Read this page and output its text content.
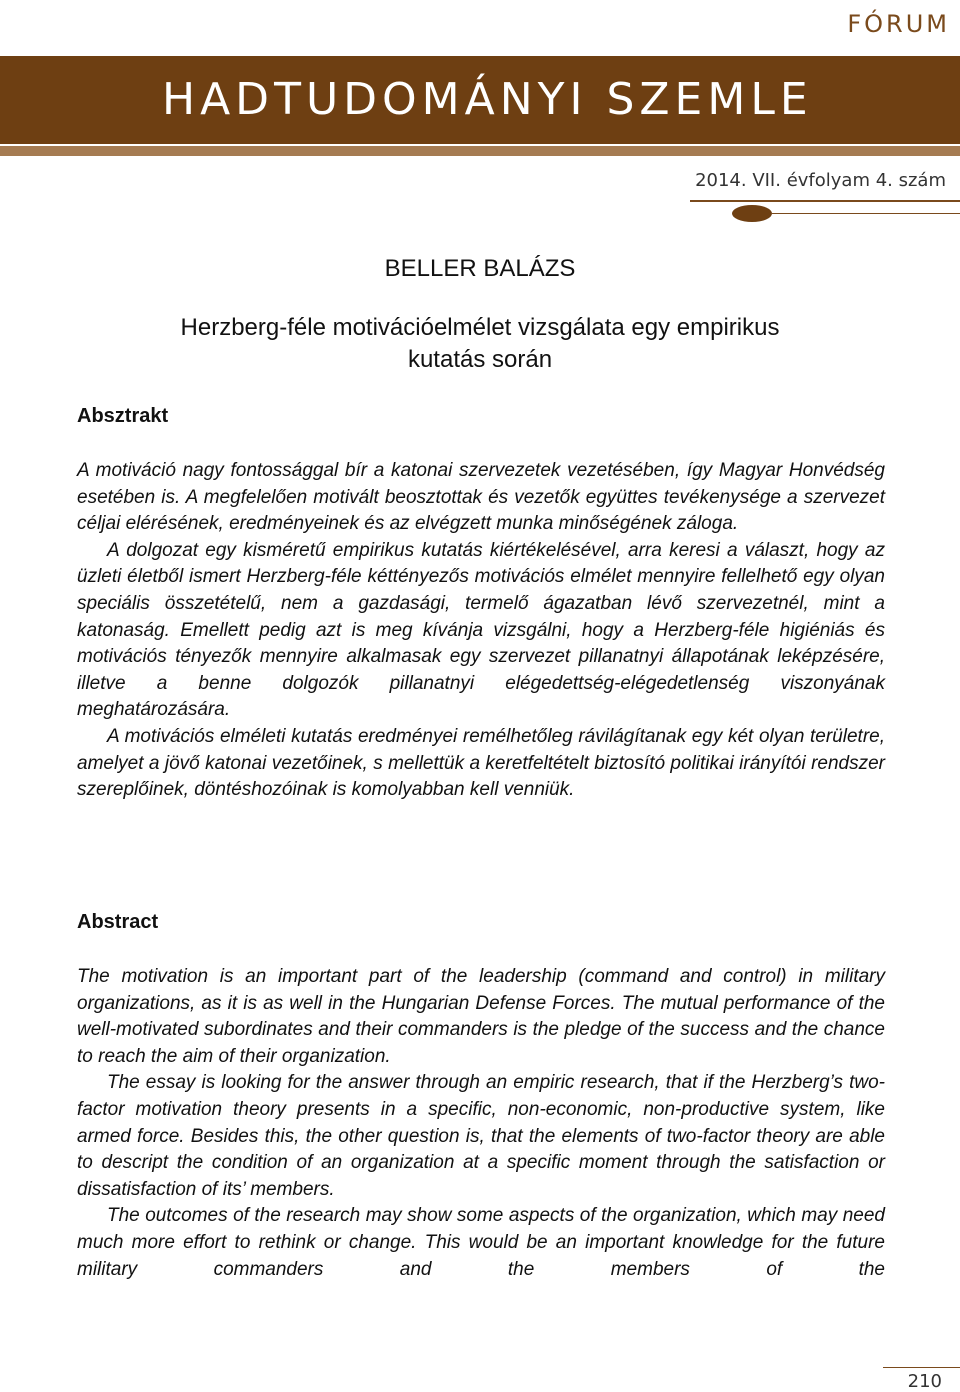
FÓRUM
HADTUDOMÁNYI SZEMLE
2014. VII. évfolyam 4. szám
BELLER BALÁZS
Herzberg-féle motivációelmélet vizsgálata egy empirikus
kutatás során
Absztrakt

A motiváció nagy fontossággal bír a katonai szervezetek vezetésében, így Magyar Honvédség esetében is. A megfelelően motivált beosztottak és vezetők együttes tevékenysége a szervezet céljai elérésének, eredményeinek és az elvégzett munka minőségének záloga.

A dolgozat egy kisméretű empirikus kutatás kiértékelésével, arra keresi a választ, hogy az üzleti életből ismert Herzberg-féle kéttényezős motivációs elmélet mennyire fellelhető egy olyan speciális összetételű, nem a gazdasági, termelő ágazatban lévő szervezetnél, mint a katonaság. Emellett pedig azt is meg kívánja vizsgálni, hogy a Herzberg-féle higiéniás és motivációs tényezők mennyire alkalmasak egy szervezet pillanatnyi állapotának leképzésére, illetve a benne dolgozók pillanatnyi elégedettség-elégedetlenség viszonyának meghatározására.

A motivációs elméleti kutatás eredményei remélhetőleg rávilágítanak egy két olyan területre, amelyet a jövő katonai vezetőinek, s mellettük a keretfeltételt biztosító politikai irányítói rendszer szereplőinek, döntéshozóinak is komolyabban kell venniük.

Abstract

The motivation is an important part of the leadership (command and control) in military organizations, as it is as well in the Hungarian Defense Forces. The mutual performance of the well-motivated subordinates and their commanders is the pledge of the success and the chance to reach the aim of their organization.

The essay is looking for the answer through an empiric research, that if the Herzberg’s two-factor motivation theory presents in a specific, non-economic, non-productive system, like armed force. Besides this, the other question is, that the elements of two-factor theory are able to descript the condition of an organization at a specific moment through the satisfaction or dissatisfaction of its’ members.

The outcomes of the research may show some aspects of the organization, which may need much more effort to rethink or change. This would be an important knowledge for the future military commanders and the members of the

210
